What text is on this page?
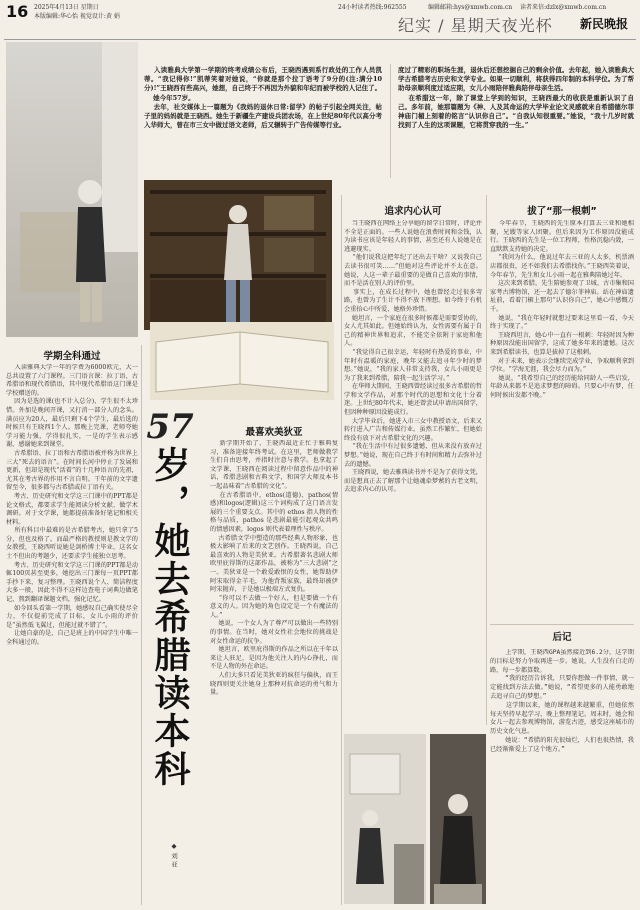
16 2025年4月13日 星期日
本版编辑:华心怡 视觉设计:黄 娟
24小时读者热线:962555	编辑邮箱:hys@xmwb.com.cn 读者来信:dzlx@xmwb.com.cn
纪实 / 星期天夜光杯 新民晚报
入读雅典大学第一学期的终考成绩公布后，王晓西遇到系行政处的工作人员凯蒂。“我记得你!”凯蒂笑着对她说，“你就是那个拉丁语考了9分的(注:满分10分)!”王晓西有些高兴，她想，自己终于不再因为外貌和年纪而被学校的人记住了。
她今年57岁。
去年，社交媒体上一篇题为《我妈的退休日常:留学》的帖子引起全网关注，帖子里的妈妈就是王晓西。她生于新疆生产建设兵团农场，在上世纪80年代以高分考入华师大，曾在市三女中做过语文老师，后又辗转于广告传媒等行业。
度过了精彩的职场生涯，退休后还想挖掘自己的剩余价值。去年起，她入读雅典大学古希腊考古历史和文学专业。如果一切顺利，将获得四年制的本科学位。为了帮助母亲顺利度过适应期，女儿小雨陪伴雅典陪伴母亲生活。
在希腊这一年，除了课堂上学到的知识，王晓西最大的收获是重新认识了自己。多年前，她那篇题为《神、人及其命运的大学毕业论文灵感就来自希腊德尔菲神庙门楣上刻着的铭言“认识你自己”。“自我认知很重要。”她说，“我十几岁时就找到了人生的这项课题，它将贯穿我的一生。”
学期全科通过
入读雅典大学一年的学费为6000欧元，大一总共设置了六门课程。三门语言课：拉丁语、古希腊语和现代希腊语，其中现代希腊语这门课是学校赠送的。
因为是选的课(也不计入总分)，学生很不太珍惜。外加是晚间开课，又打消一部分人的念头。满员应为20人，最后只剩下4个学生，最后选的时候只有王晓西1个人。那晚上完课，老师夸她学习能力强，学得很扎实，一是的学生表示感谢，感谢她来到课堂。
古希腊语、拉丁语和古希腊语被并称为世界上三大“死去的语言”。在时间长河中停止了发展和更新，但却是现代“活着”的十几种语言的先祖，尤其在考古界的作用不言自明。干年前的文字遗留至今，很多都与古希腊或拉丁语有关。
考古、历史研究和文学这三门课中的PPT都是论文格式，都要求学生能阅读分析文献、做学术调研。对于文学课，她都提前准备好笔记和相关材料。
所有科目中最难的是古希腊考古，她只拿了5分，但也及格了。而最严格的教授则是教文学的女教授，王晓西听说她是剑桥博士毕业，这名女士不但出的考题少，还要求学生能独立思考。
考古、历史研究和文学这三门课的PPT都是动辄100页甚至更多，她挖出三门课每一页PPT都手抄下来，复习整理。王晓西说个人、简洁程度大多一般，因此不得不这样边查电子词典边做笔记，熬到翻译课题文档，强化记忆。
如今回头看第一学期，她感叹自己确实使尽全力，不仅提前完成了目标，女儿小雨的评价是“虽然低飞翼过，但能过就不错了”。
让她自豪的是，自己是班上的中国学生中唯一全科通过的。
57
岁，她去希腊读本科
◆ 刘 亚
最喜欢美狄亚
新学期开始了，王晓西最近正忙于雅典复习，准备迎接年终考试。在这里，老师做教学生们自由思考，并指时注意与教学。也拿起了文学课，王晓西在阅读过程中留意作品中的神话，希腊悲剧和古典文学，和国学大师及本书一起品味着“古希腊的文化”。
在古希腊语中，ethos(道德)、pathos(情感)和logos(逻辑)这三个词构成了这门语言发展的三个重要支点。其中的 ethos 指人物的性格与品质，pathos 是悲剧最能引起观众共鸣的情感因素，logos 则代表着理性与秩序。
古希腊文学中塑造的那些经典人物形象，也极大影响了后来的文艺创作。王晓西说，自己最喜欢的人物是美狄亚。古希腊著名悲剧大师欧里庇得斯的这部作品，被称为“三大悲剧”之一。美狄亚是一个敢爱敢恨的女性，她帮助伊阿宋取得金羊毛，为他背叛家族，最终却被伊阿宋抛弃，于是她以极端方式复仇。
“你可以不去做一个好人，但是要做一个有意义的人。因为她的角色设定是一个有魔法的人。”
她说，一个女人为了尊严可以做出一些特别的事情。在当时，她对女性社会地位的挑战是对女性命运的抗争。
她坦言，欧里庇得斯的作品之所以在千年以来让人驻足，是因为他关注人的内心挣扎，而不是人物的外在命运。
人们大多只看见美狄亚的疯狂与偏执，而王晓西则更关注她身上那种对抗命运的勇气和力量。
追求内心认可
当王晓西在网络上分享她的留学日常时，评论并不全是正面的。一些人说她在浪费时间和金钱，认为读书应该是年轻人的事情，甚至还有人说她是在逃避现实。
“他们说我这把年纪了还出去干啥？又说我自己去读书很可笑……”但她对这些评论并不太在意。她说，人这一辈子最重要的是做自己喜欢的事情，而不是活在别人的评价里。
事实上，在成长过程中，她也曾经走过很多弯路，也曾为了生计不得不放下理想。如今终于有机会重拾心中所爱，她格外珍惜。
她坦言，一个家庭在很多时候都是需要妥协的，女人尤其如此。但她始终认为，女性需要有属于自己的精神世界和追求，不能完全依附于家庭和他人。
“我觉得自己很幸运，年轻时有热爱的事业，中年时有温暖的家庭，晚年又能去追寻年少时的梦想。”她说，“我的家人非常支持我，女儿小雨更是为了我来到希腊，陪我一起生活学习。”
在华师大期间，王晓西曾经读过很多古希腊的哲学和文学作品，对那个时代的思想和文化十分着迷。上世纪80年代末，她还曾尝试申请出国留学，但因种种原因没能成行。
大学毕业后，她进入市三女中教授语文，后来又转行进入广告和传媒行业。虽然工作繁忙，但她始终没有放下对古希腊文化的兴趣。
“我在生活中有过很多遗憾，但从来没有放弃过梦想。”她说，现在自己终于有时间和精力去弥补过去的遗憾。
王晓西说，她去雅典读书并不是为了获得文凭，而是想真正去了解那个让她魂牵梦萦的古老文明，去追求内心的认可。
拔了“那一根刺”
今年春节，王晓西的先生原本打算去三亚和她相聚，兄嫂等家人团聚。但后来因为工作原因没能成行。王晓西的先生是一位工程师，性格沉稳内敛，一直默默支持她的决定。
“我问为什么，他说过年去三亚的人太多，机票酒店都很贵，还不如我们去希腊找你。”王晓西笑着说，今年春节，先生和女儿小雨一起在雅典陪她过年。
这次来到希腊，先生陪她参观了卫城、古市集和国家考古博物馆，还一起去了德尔菲神庙。站在神庙遗址前，看着门楣上那句“认识你自己”，她心中感慨万千。
她说，“我在年轻时就想过要来这里看一看，今天终于实现了。”
王晓西坦言，她心中一直有一根刺：年轻时因为种种原因没能出国留学，这成了她多年来的遗憾。这次来到希腊读书，也算是拔掉了这根刺。
对于未来，她表示会继续完成学业，争取顺利拿到学位。“学海无涯，我会尽力而为。”
她说，“我希望自己的经历能给同龄人一些启发，年龄从来都不是追求梦想的障碍。只要心中有梦，任何时候出发都不晚。”
后记
上学期，王晓西GPA虽然接近到6.2分，这学期的目标是努力争取再进一步。她说，人生没有白走的路，每一步都算数。
“我的经历告诉我，只要你想做一件事情，就一定能找到方法去做。”她说，“希望更多的人能勇敢地去追寻自己的梦想。”
这学期以来，她的课程越来越繁重，但她依然每天坚持早起学习，晚上整理笔记。周末时，她会和女儿一起去参观博物馆，游览古迹，感受这座城市的历史文化气息。
她说：“希腊的阳光很灿烂，人们也很热情，我已经渐渐爱上了这个地方。”
